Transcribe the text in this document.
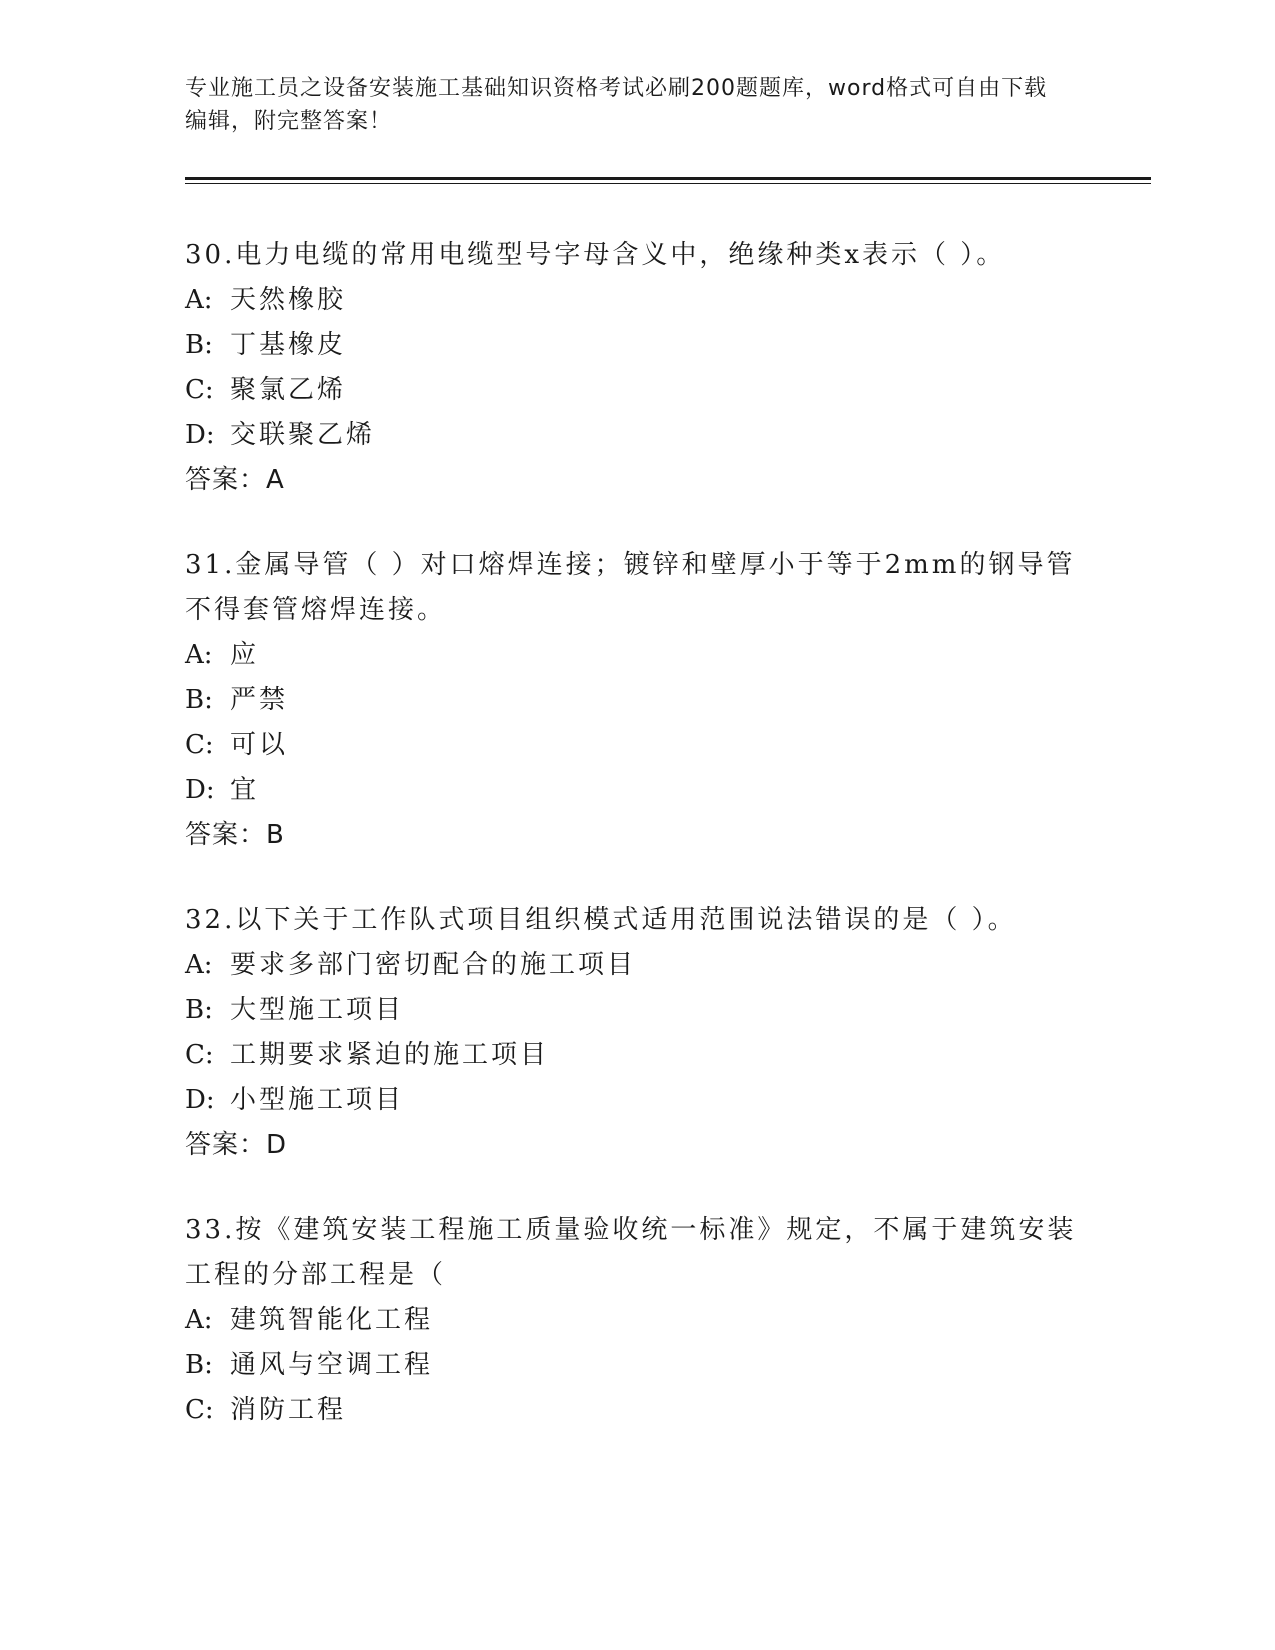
专业施工员之设备安装施工基础知识资格考试必刷200题题库，word格式可自由下载编辑，附完整答案！

30.电力电缆的常用电缆型号字母含义中，绝缘种类x表示（ ）。

A: 天然橡胶
B: 丁基橡皮
C: 聚氯乙烯
D: 交联聚乙烯
答案：A

31.金属导管（ ）对口熔焊连接；镀锌和壁厚小于等于2mm的钢导管不得套管熔焊连接。

A: 应
B: 严禁
C: 可以
D: 宜
答案：B

32.以下关于工作队式项目组织模式适用范围说法错误的是（ ）。

A: 要求多部门密切配合的施工项目
B: 大型施工项目
C: 工期要求紧迫的施工项目
D: 小型施工项目
答案：D

33.按《建筑安装工程施工质量验收统一标准》规定，不属于建筑安装工程的分部工程是（

A: 建筑智能化工程
B: 通风与空调工程
C: 消防工程
